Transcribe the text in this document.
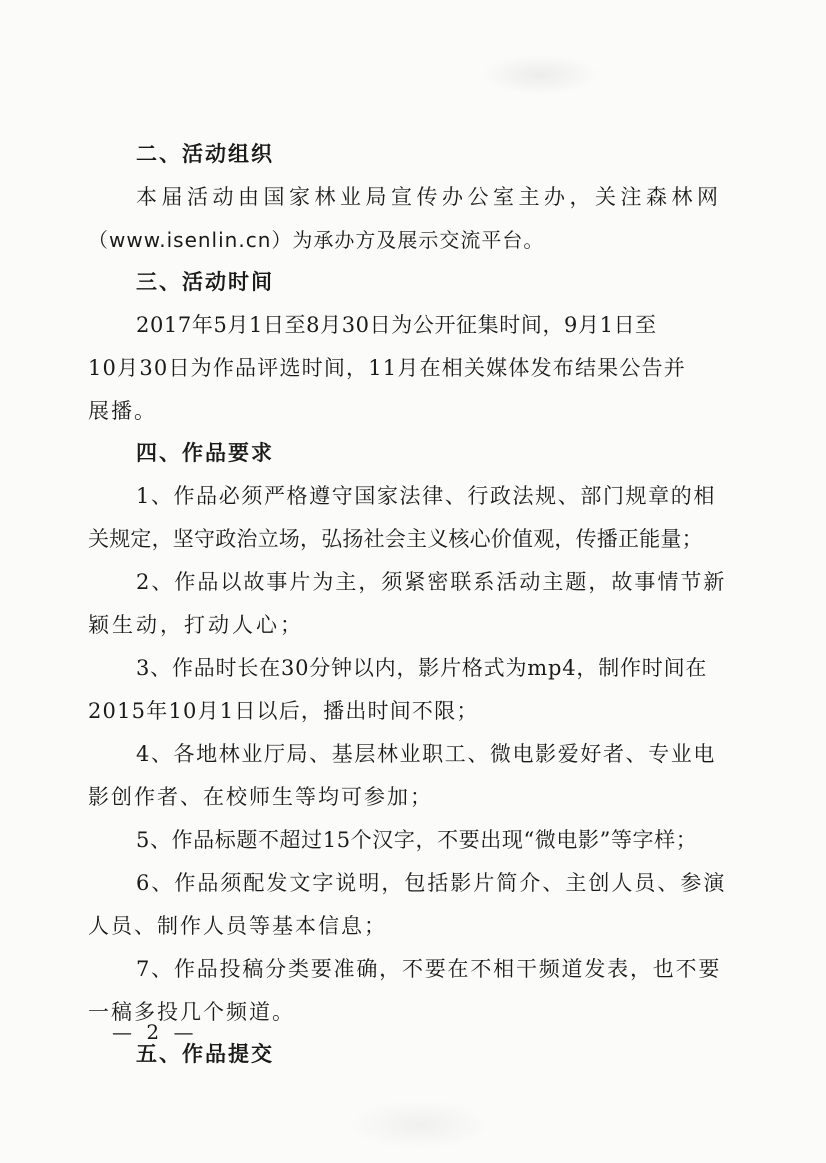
二、活动组织
本届活动由国家林业局宣传办公室主办，关注森林网
（www.isenlin.cn）为承办方及展示交流平台。
三、活动时间
2017年5月1日至8月30日为公开征集时间，9月1日至
10月30日为作品评选时间，11月在相关媒体发布结果公告并
展播。
四、作品要求
1、作品必须严格遵守国家法律、行政法规、部门规章的相
关规定，坚守政治立场，弘扬社会主义核心价值观，传播正能量；
2、作品以故事片为主，须紧密联系活动主题，故事情节新
颖生动，打动人心；
3、作品时长在30分钟以内，影片格式为mp4，制作时间在
2015年10月1日以后，播出时间不限；
4、各地林业厅局、基层林业职工、微电影爱好者、专业电
影创作者、在校师生等均可参加；
5、作品标题不超过15个汉字，不要出现“微电影”等字样；
6、作品须配发文字说明，包括影片简介、主创人员、参演
人员、制作人员等基本信息；
7、作品投稿分类要准确，不要在不相干频道发表，也不要
一稿多投几个频道。
五、作品提交
— 2 —
